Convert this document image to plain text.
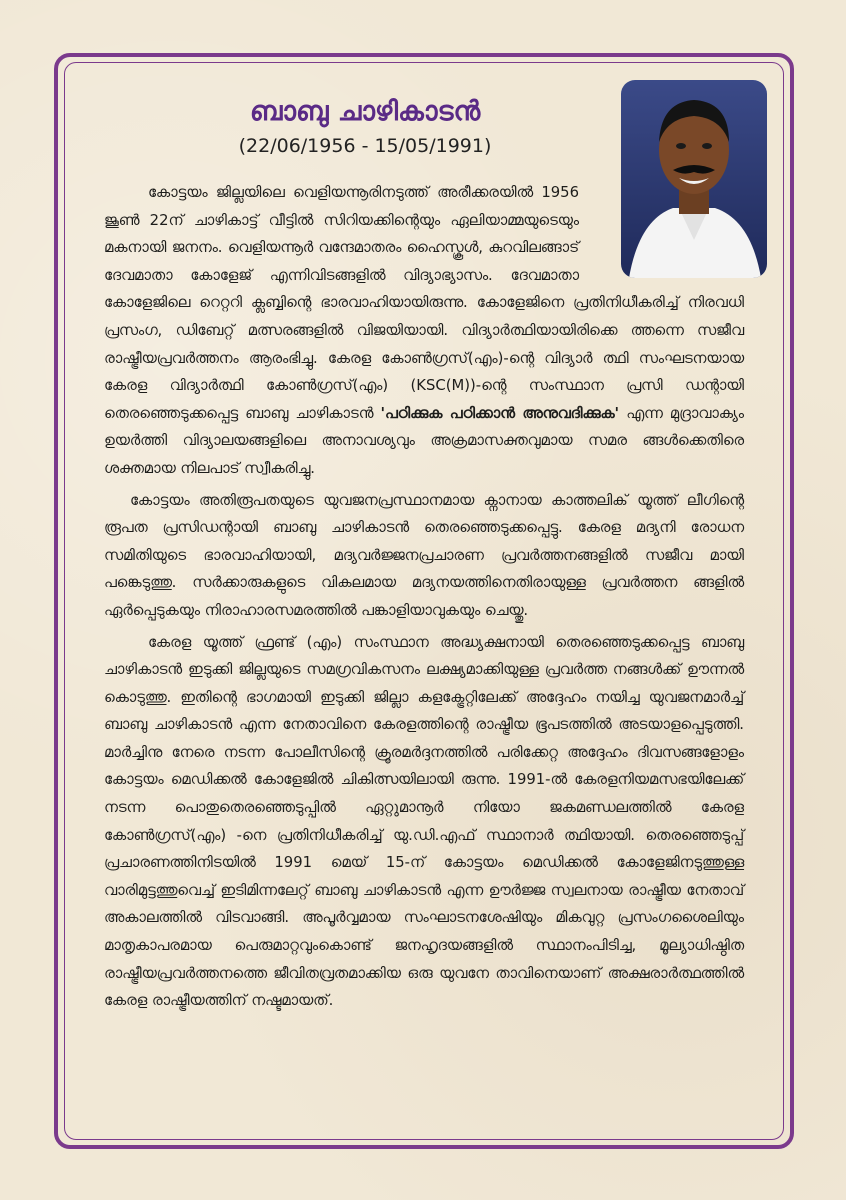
ബാബു ചാഴികാടൻ
(22/06/1956 - 15/05/1991)

കോട്ടയം ജില്ലയിലെ വെളിയന്നൂരിനടുത്ത് അരീക്കരയിൽ 1956 ജൂൺ 22ന് ചാഴികാട്ട് വീട്ടിൽ സിറിയക്കിന്റെയും ഏലിയാമ്മയുടെയും മകനായി ജനനം. വെളിയന്നൂർ വന്ദേമാതരം ഹൈസ്കൂൾ, കുറവിലങ്ങാട് ദേവമാതാ കോളേജ് എന്നിവിടങ്ങളിൽ വിദ്യാഭ്യാസം. ദേവമാതാ കോളേജിലെ റെറ്ററി ക്ലബ്ബിന്റെ ഭാരവാഹിയായിരുന്നു. കോളേജിനെ പ്രതിനിധീകരിച്ച് നിരവധി പ്രസംഗ, ഡിബേറ്റ് മത്സരങ്ങളിൽ വിജയിയായി. വിദ്യാർത്ഥിയായിരിക്കെ ത്തന്നെ സജീവ രാഷ്ട്രീയപ്രവർത്തനം ആരംഭിച്ചു. കേരള കോൺഗ്രസ്(എം)-ന്റെ വിദ്യാർ ത്ഥി സംഘടനയായ കേരള വിദ്യാർത്ഥി കോൺഗ്രസ്(എം) (KSC(M))-ന്റെ സംസ്ഥാന പ്രസി ഡന്റായി തെരഞ്ഞെടുക്കപ്പെട്ട ബാബു ചാഴികാടൻ 'പഠിക്കുക പഠിക്കാൻ അനുവദിക്കുക' എന്ന മുദ്രാവാക്യം ഉയർത്തി വിദ്യാലയങ്ങളിലെ അനാവശ്യവും അക്രമാസക്തവുമായ സമര ങ്ങൾക്കെതിരെ ശക്തമായ നിലപാട് സ്വീകരിച്ചു.

കോട്ടയം അതിരൂപതയുടെ യുവജനപ്രസ്ഥാനമായ ക്നാനായ കാത്തലിക് യൂത്ത് ലീഗിന്റെ രൂപത പ്രസിഡന്റായി ബാബു ചാഴികാടൻ തെരഞ്ഞെടുക്കപ്പെട്ടു. കേരള മദ്യനി രോധന സമിതിയുടെ ഭാരവാഹിയായി, മദ്യവർജ്ജനപ്രചാരണ പ്രവർത്തനങ്ങളിൽ സജീവ മായി പങ്കെടുത്തു. സർക്കാരുകളുടെ വികലമായ മദ്യനയത്തിനെതിരായുള്ള പ്രവർത്തന ങ്ങളിൽ ഏർപ്പെടുകയും നിരാഹാരസമരത്തിൽ പങ്കാളിയാവുകയും ചെയ്തു.

കേരള യൂത്ത് ഫ്രണ്ട് (എം) സംസ്ഥാന അദ്ധ്യക്ഷനായി തെരഞ്ഞെടുക്കപ്പെട്ട ബാബു ചാഴികാടൻ ഇടുക്കി ജില്ലയുടെ സമഗ്രവികസനം ലക്ഷ്യമാക്കിയുള്ള പ്രവർത്ത നങ്ങൾക്ക് ഊന്നൽ കൊടുത്തു. ഇതിന്റെ ഭാഗമായി ഇടുക്കി ജില്ലാ കളക്ട്രേറ്റിലേക്ക് അദ്ദേഹം നയിച്ച യുവജനമാർച്ച് ബാബു ചാഴികാടൻ എന്ന നേതാവിനെ കേരളത്തിന്റെ രാഷ്ട്രീയ ഭൂപടത്തിൽ അടയാളപ്പെടുത്തി. മാർച്ചിനു നേരെ നടന്ന പോലീസിന്റെ ക്രൂരമർദ്ദനത്തിൽ പരിക്കേറ്റ അദ്ദേഹം ദിവസങ്ങളോളം കോട്ടയം മെഡിക്കൽ കോളേജിൽ ചികിത്സയിലായി രുന്നു. 1991-ൽ കേരളനിയമസഭയിലേക്ക് നടന്ന പൊതുതെരഞ്ഞെടുപ്പിൽ ഏറ്റുമാനൂർ നിയോ ജകമണ്ഡലത്തിൽ കേരള കോൺഗ്രസ്(എം) -നെ പ്രതിനിധീകരിച്ച് യു.ഡി.എഫ് സ്ഥാനാർ ത്ഥിയായി. തെരഞ്ഞെടുപ്പ് പ്രചാരണത്തിനിടയിൽ 1991 മെയ് 15-ന് കോട്ടയം മെഡിക്കൽ കോളേജിനടുത്തുള്ള വാരിമുട്ടത്തുവെച്ച് ഇടിമിന്നലേറ്റ് ബാബു ചാഴികാടൻ എന്ന ഊർജ്ജ സ്വലനായ രാഷ്ട്രീയ നേതാവ് അകാലത്തിൽ വിടവാങ്ങി. അപൂർവ്വമായ സംഘാടനശേഷിയും മികവുറ്റ പ്രസംഗശൈലിയും മാതൃകാപരമായ പെരുമാറ്റവുംകൊണ്ട് ജനഹൃദയങ്ങളിൽ സ്ഥാനംപിടിച്ച, മൂല്യാധിഷ്ഠിത രാഷ്ട്രീയപ്രവർത്തനത്തെ ജീവിതവ്രതമാക്കിയ ഒരു യുവനേ താവിനെയാണ് അക്ഷരാർത്ഥത്തിൽ കേരള രാഷ്ട്രീയത്തിന് നഷ്ടമായത്.
